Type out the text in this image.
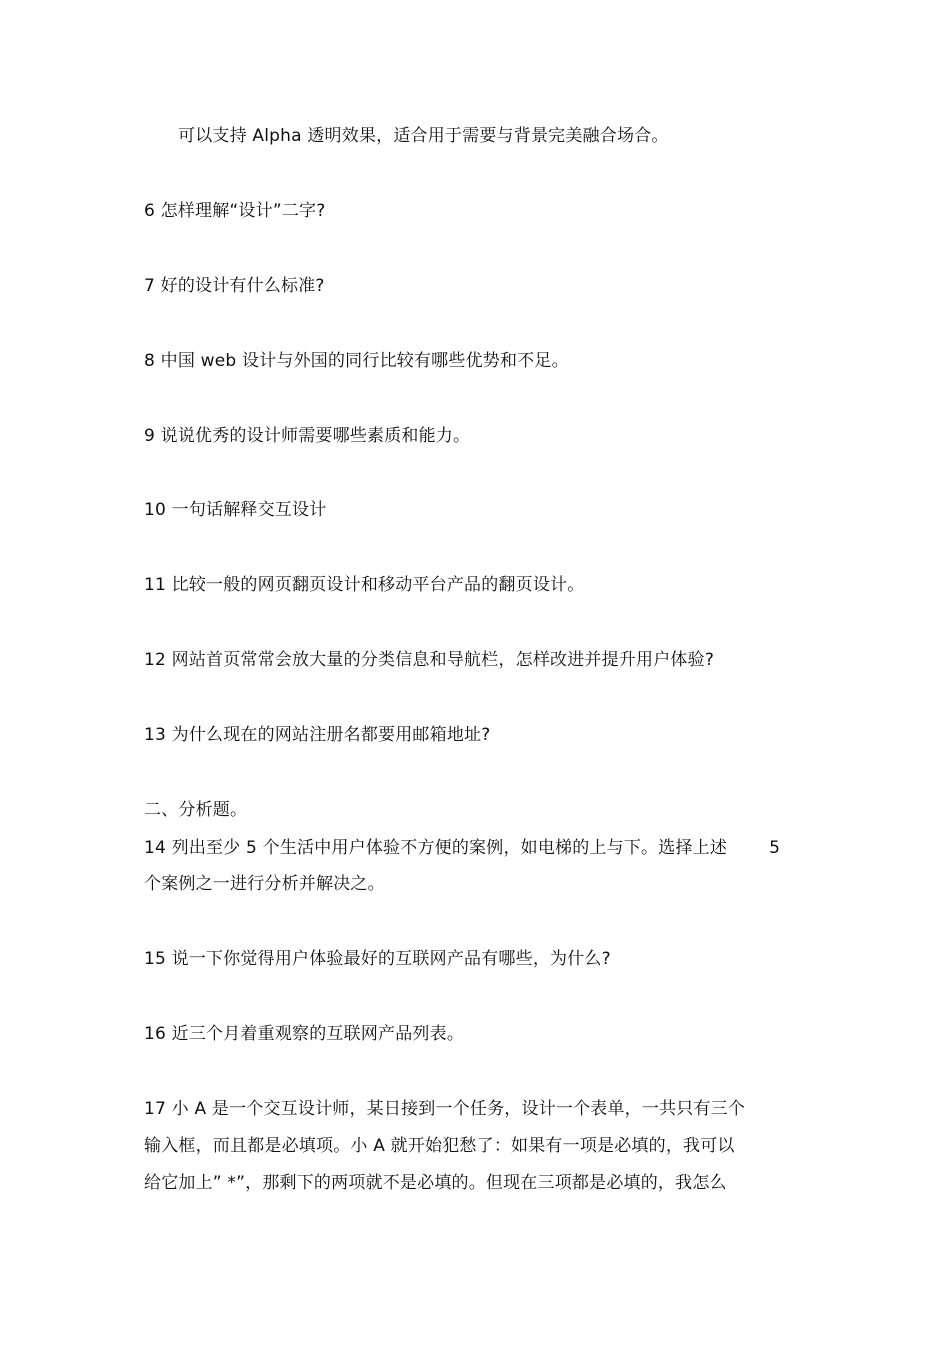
可以支持 Alpha 透明效果，适合用于需要与背景完美融合场合。
6 怎样理解“设计”二字?
7 好的设计有什么标准?
8 中国 web 设计与外国的同行比较有哪些优势和不足。
9 说说优秀的设计师需要哪些素质和能力。
10 一句话解释交互设计
11 比较一般的网页翻页设计和移动平台产品的翻页设计。
12 网站首页常常会放大量的分类信息和导航栏，怎样改进并提升用户体验?
13 为什么现在的网站注册名都要用邮箱地址?
二、分析题。
14 列出至少 5 个生活中用户体验不方便的案例，如电梯的上与下。选择上述 5
个案例之一进行分析并解决之。
15 说一下你觉得用户体验最好的互联网产品有哪些，为什么?
16 近三个月着重观察的互联网产品列表。
17 小 A 是一个交互设计师，某日接到一个任务，设计一个表单，一共只有三个
输入框，而且都是必填项。小 A 就开始犯愁了：如果有一项是必填的，我可以
给它加上” *”，那剩下的两项就不是必填的。但现在三项都是必填的，我怎么
